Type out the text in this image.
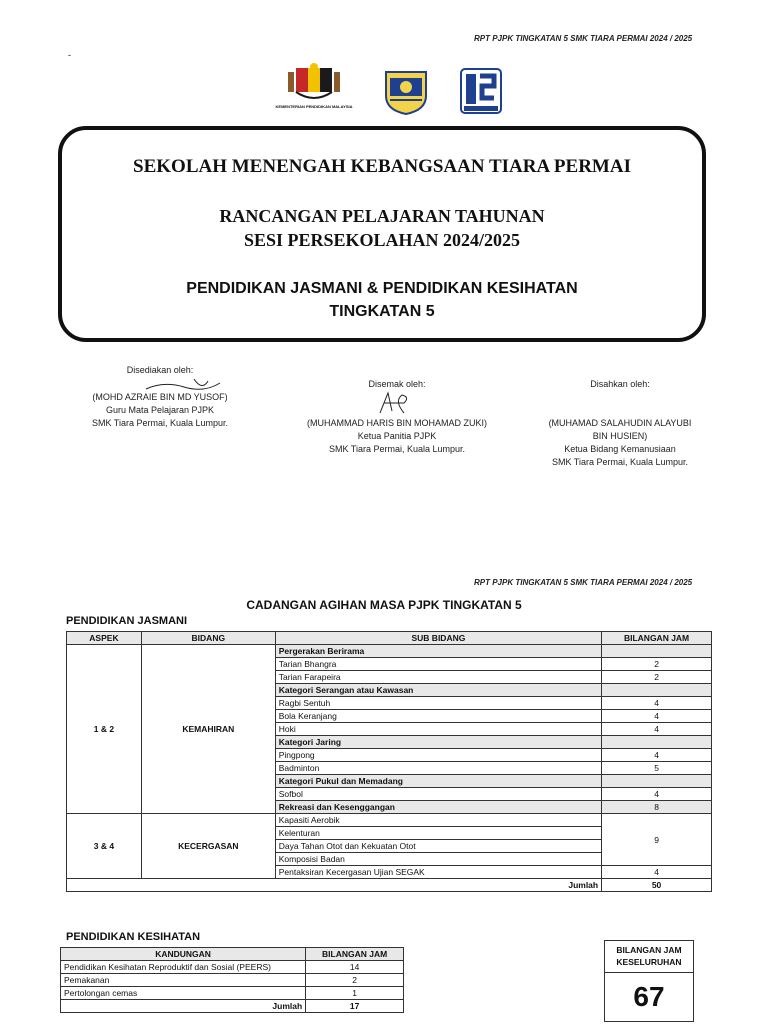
RPT PJPK TINGKATAN 5 SMK TIARA PERMAI 2024 / 2025
-
KEMENTERIAN PENDIDIKAN MALAYSIA
SEKOLAH MENENGAH KEBANGSAAN TIARA PERMAI
RANCANGAN PELAJARAN TAHUNAN
SESI PERSEKOLAHAN 2024/2025
PENDIDIKAN JASMANI & PENDIDIKAN KESIHATAN
TINGKATAN 5
Disediakan oleh:
(MOHD AZRAIE BIN MD YUSOF)
Guru Mata Pelajaran PJPK
SMK Tiara Permai, Kuala Lumpur.
Disemak oleh:
(MUHAMMAD HARIS BIN MOHAMAD ZUKI)
Ketua Panitia PJPK
SMK Tiara Permai, Kuala Lumpur.
Disahkan oleh:
(MUHAMAD SALAHUDIN ALAYUBI
BIN HUSIEN)
Ketua Bidang Kemanusiaan
SMK Tiara Permai, Kuala Lumpur.
RPT PJPK TINGKATAN 5 SMK TIARA PERMAI 2024 / 2025
CADANGAN AGIHAN MASA PJPK TINGKATAN 5
PENDIDIKAN JASMANI
ASPEK	BIDANG	SUB BIDANG	BILANGAN JAM
1 & 2	KEMAHIRAN	Pergerakan Berirama	
		Tarian Bhangra	2
		Tarian Farapeira	2
		Kategori Serangan atau Kawasan	
		Ragbi Sentuh	4
		Bola Keranjang	4
		Hoki	4
		Kategori Jaring	
		Pingpong	4
		Badminton	5
		Kategori Pukul dan Memadang	
		Sofbol	4
		Rekreasi dan Kesenggangan	8
3 & 4	KECERGASAN	Kapasiti Aerobik	9
		Kelenturan	
		Daya Tahan Otot dan Kekuatan Otot	
		Komposisi Badan	
		Pentaksiran Kecergasan Ujian SEGAK	4
Jumlah			50
PENDIDIKAN KESIHATAN
KANDUNGAN	BILANGAN JAM
Pendidikan Kesihatan Reproduktif dan Sosial (PEERS)	14
Pemakanan	2
Pertolongan cemas	1
Jumlah	17
BILANGAN JAM
KESELURUHAN
67
